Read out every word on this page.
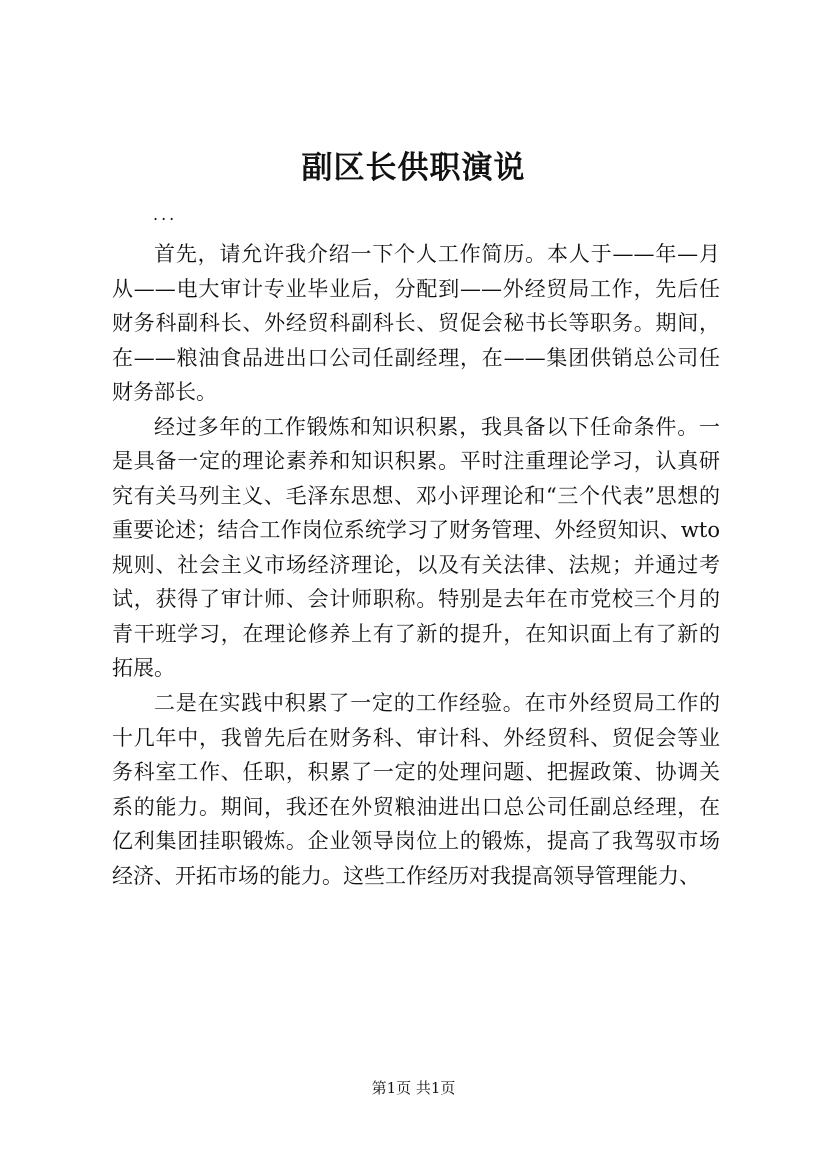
副区长供职演说
...

首先，请允许我介绍一下个人工作简历。本人于——年—月从——电大审计专业毕业后，分配到——外经贸局工作，先后任财务科副科长、外经贸科副科长、贸促会秘书长等职务。期间，在——粮油食品进出口公司任副经理，在——集团供销总公司任财务部长。

经过多年的工作锻炼和知识积累，我具备以下任命条件。一是具备一定的理论素养和知识积累。平时注重理论学习，认真研究有关马列主义、毛泽东思想、邓小评理论和“三个代表”思想的重要论述；结合工作岗位系统学习了财务管理、外经贸知识、wto规则、社会主义市场经济理论，以及有关法律、法规；并通过考试，获得了审计师、会计师职称。特别是去年在市党校三个月的青干班学习，在理论修养上有了新的提升，在知识面上有了新的拓展。

二是在实践中积累了一定的工作经验。在市外经贸局工作的十几年中，我曾先后在财务科、审计科、外经贸科、贸促会等业务科室工作、任职，积累了一定的处理问题、把握政策、协调关系的能力。期间，我还在外贸粮油进出口总公司任副总经理，在亿利集团挂职锻炼。企业领导岗位上的锻炼，提高了我驾驭市场经济、开拓市场的能力。这些工作经历对我提高领导管理能力、

第1页 共1页
